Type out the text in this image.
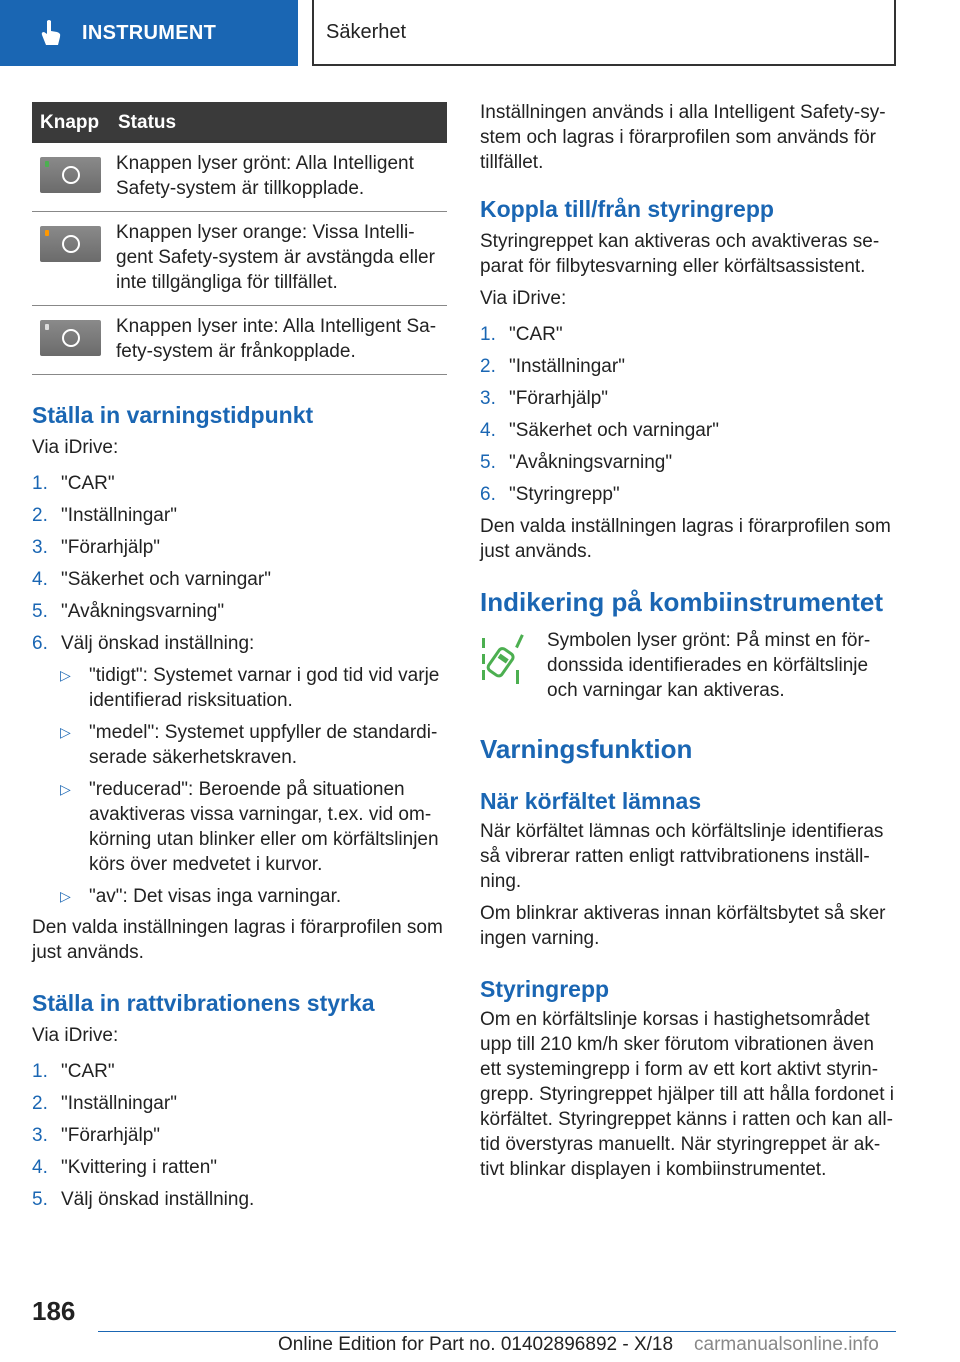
INSTRUMENT	Säkerhet
Knapp	Status

	Knappen lyser grönt: Alla Intelligent Safety-system är tillkopplade.

	Knappen lyser orange: Vissa Intelligent Safety-system är avstängda eller inte tillgängliga för tillfället.

	Knappen lyser inte: Alla Intelligent Safety-system är frånkopplade.
Ställa in varningstidpunkt

Via iDrive:

1. "CAR"
2. "Inställningar"
3. "Förarhjälp"
4. "Säkerhet och varningar"
5. "Avåkningsvarning"
6. Välj önskad inställning:
▷ "tidigt": Systemet varnar i god tid vid varje identifierad risksituation.
▷ "medel": Systemet uppfyller de standardiserade säkerhetskraven.
▷ "reducerad": Beroende på situationen avaktiveras vissa varningar, t.ex. vid omkörning utan blinker eller om körfältslinjen körs över medvetet i kurvor.
▷ "av": Det visas inga varningar.

Den valda inställningen lagras i förarprofilen som just används.

Ställa in rattvibrationens styrka

Via iDrive:

1. "CAR"
2. "Inställningar"
3. "Förarhjälp"
4. "Kvittering i ratten"
5. Välj önskad inställning.

Inställningen används i alla Intelligent Safety-system och lagras i förarprofilen som används för tillfället.

Koppla till/från styringrepp

Styringreppet kan aktiveras och avaktiveras separat för filbytesvarning eller körfältsassistent.

Via iDrive:

1. "CAR"
2. "Inställningar"
3. "Förarhjälp"
4. "Säkerhet och varningar"
5. "Avåkningsvarning"
6. "Styringrepp"

Den valda inställningen lagras i förarprofilen som just används.

Indikering på kombiinstrumentet

Symbolen lyser grönt: På minst en fördonssida identifierades en körfältslinje och varningar kan aktiveras.

Varningsfunktion
När körfältet lämnas

När körfältet lämnas och körfältslinje identifieras så vibrerar ratten enligt rattvibrationens inställning.

Om blinkrar aktiveras innan körfältsbytet så sker ingen varning.

Styringrepp

Om en körfältslinje korsas i hastighetsområdet upp till 210 km/h sker förutom vibrationen även ett systemingrepp i form av ett kort aktivt styringrepp. Styringreppet hjälper till att hålla fordonet i körfältet. Styringreppet känns i ratten och kan alltid överstyras manuellt. När styringreppet är aktivt blinkar displayen i kombiinstrumentet.

186
Online Edition for Part no. 01402896892 - X/18 carmanualsonline.info
